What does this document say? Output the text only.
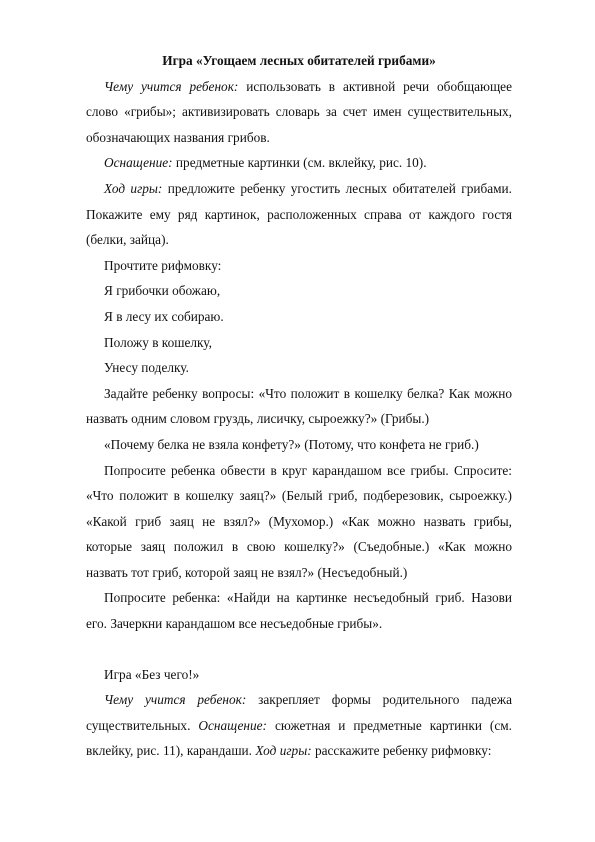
Игра «Угощаем лесных обитателей грибами»

Чему учится ребенок: использовать в активной речи обобщающее слово «грибы»; активизировать словарь за счет имен существительных, обозначающих названия грибов.

Оснащение: предметные картинки (см. вклейку, рис. 10).

Ход игры: предложите ребенку угостить лесных обитателей грибами. Покажите ему ряд картинок, расположенных справа от каждого гостя (белки, зайца).

Прочтите рифмовку:

Я грибочки обожаю,

Я в лесу их собираю.

Положу в кошелку,

Унесу поделку.

Задайте ребенку вопросы: «Что положит в кошелку белка? Как можно назвать одним словом груздь, лисичку, сыроежку?» (Грибы.)

«Почему белка не взяла конфету?» (Потому, что конфета не гриб.)

Попросите ребенка обвести в круг карандашом все грибы. Спросите: «Что положит в кошелку заяц?» (Белый гриб, подберезовик, сыроежку.) «Какой гриб заяц не взял?» (Мухомор.) «Как можно назвать грибы, которые заяц положил в свою кошелку?» (Съедобные.) «Как можно назвать тот гриб, которой заяц не взял?» (Несъедобный.)

Попросите ребенка: «Найди на картинке несъедобный гриб. Назови его. Зачеркни карандашом все несъедобные грибы».

Игра «Без чего!»

Чему учится ребенок: закрепляет формы родительного падежа существительных. Оснащение: сюжетная и предметные картинки (см. вклейку, рис. 11), карандаши. Ход игры: расскажите ребенку рифмовку:
